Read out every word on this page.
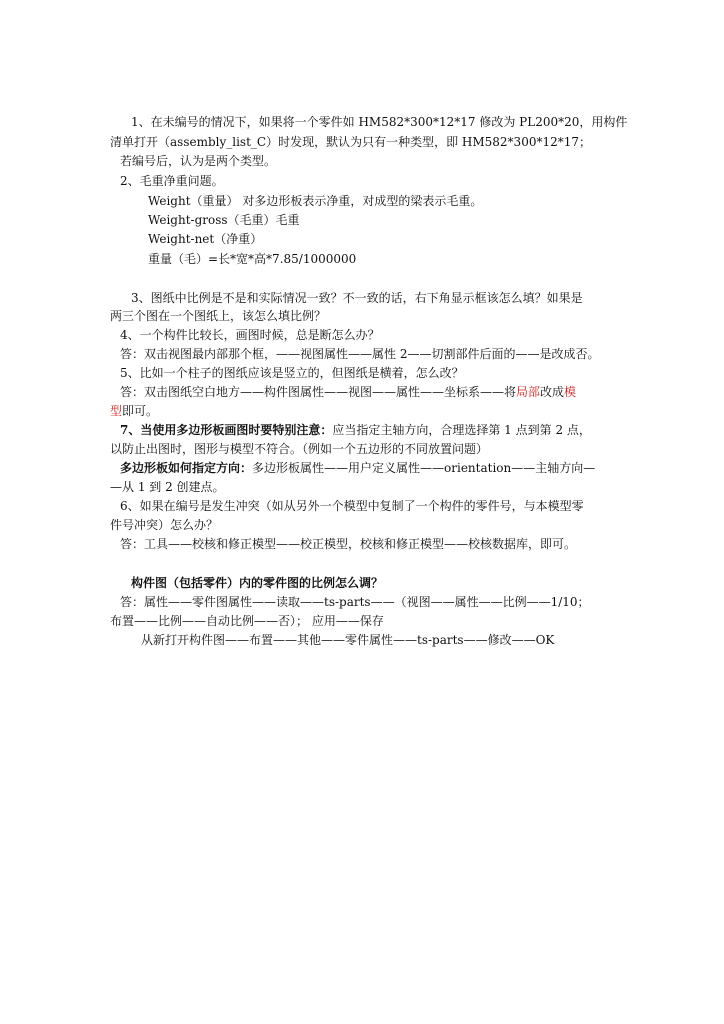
1、在未编号的情况下，如果将一个零件如 HM582*300*12*17 修改为 PL200*20，用构件
清单打开（assembly_list_C）时发现，默认为只有一种类型，即 HM582*300*12*17；
若编号后，认为是两个类型。
2、毛重净重问题。
Weight（重量） 对多边形板表示净重，对成型的梁表示毛重。
Weight-gross（毛重）毛重
Weight-net（净重）
重量（毛）=长*宽*高*7.85/1000000
3、图纸中比例是不是和实际情况一致？不一致的话，右下角显示框该怎么填？如果是
两三个图在一个图纸上，该怎么填比例？
4、一个构件比较长，画图时候，总是断怎么办？
答：双击视图最内部那个框，——视图属性——属性 2——切割部件后面的——是改成否。
5、比如一个柱子的图纸应该是竖立的，但图纸是横着，怎么改？
答：双击图纸空白地方——构件图属性——视图——属性——坐标系——将局部改成模
型即可。
7、当使用多边形板画图时要特别注意：应当指定主轴方向，合理选择第 1 点到第 2 点，
以防止出图时，图形与模型不符合。（例如一个五边形的不同放置问题）
多边形板如何指定方向：多边形板属性——用户定义属性——orientation——主轴方向—
—从 1 到 2 创建点。
6、如果在编号是发生冲突（如从另外一个模型中复制了一个构件的零件号，与本模型零
件号冲突）怎么办？
答：工具——校核和修正模型——校正模型，校核和修正模型——校核数据库，即可。
构件图（包括零件）内的零件图的比例怎么调？
答：属性——零件图属性——读取——ts-parts——（视图——属性——比例——1/10；
布置——比例——自动比例——否）； 应用——保存
从新打开构件图——布置——其他——零件属性——ts-parts——修改——OK
